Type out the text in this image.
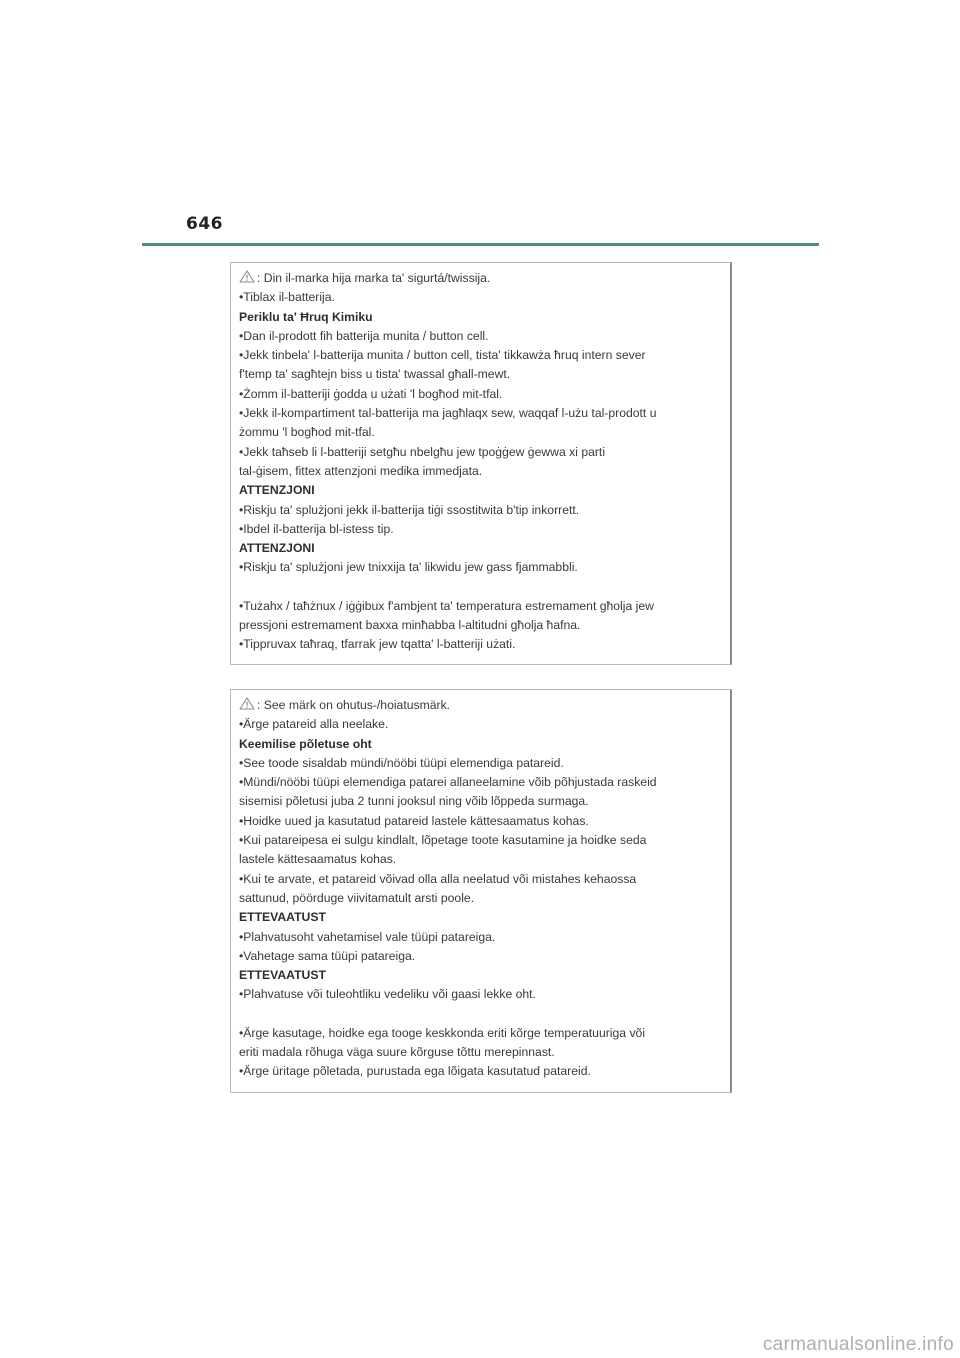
646
: Din il-marka hija marka ta' sigurtá/twissija.
•Tiblax il-batterija.
Periklu ta' Ħruq Kimiku
•Dan il-prodott fih batterija munita / button cell.
•Jekk tinbela' l-batterija munita / button cell, tista' tikkawża ħruq intern sever
f'temp ta' sagħtejn biss u tista' twassal għall-mewt.
•Żomm il-batteriji ġodda u użati 'l bogħod mit-tfal.
•Jekk il-kompartiment tal-batterija ma jagħlaqx sew, waqqaf l-użu tal-prodott u
żommu 'l bogħod mit-tfal.
•Jekk taħseb li l-batteriji setgħu nbelgħu jew tpoġġew ġewwa xi parti
tal-ġisem, fittex attenzjoni medika immedjata.
ATTENZJONI
•Riskju ta' splużjoni jekk il-batterija tiġi ssostitwita b'tip inkorrett.
•Ibdel il-batterija bl-istess tip.
ATTENZJONI
•Riskju ta' splużjoni jew tnixxija ta' likwidu jew gass fjammabbli.
•Tużahx / taħżnux / iġġibux f'ambjent ta' temperatura estremament għolja jew
pressjoni estremament baxxa minħabba l-altitudni għolja ħafna.
•Tippruvax taħraq, tfarrak jew tqatta' l-batteriji użati.
: See märk on ohutus-/hoiatusmärk.
•Ärge patareid alla neelake.
Keemilise põletuse oht
•See toode sisaldab mündi/nööbi tüüpi elemendiga patareid.
•Mündi/nööbi tüüpi elemendiga patarei allaneelamine võib põhjustada raskeid
sisemisi põletusi juba 2 tunni jooksul ning võib lõppeda surmaga.
•Hoidke uued ja kasutatud patareid lastele kättesaamatus kohas.
•Kui patareipesa ei sulgu kindlalt, lõpetage toote kasutamine ja hoidke seda
lastele kättesaamatus kohas.
•Kui te arvate, et patareid võivad olla alla neelatud või mistahes kehaossa
sattunud, pöörduge viivitamatult arsti poole.
ETTEVAATUST
•Plahvatusoht vahetamisel vale tüüpi patareiga.
•Vahetage sama tüüpi patareiga.
ETTEVAATUST
•Plahvatuse või tuleohtliku vedeliku või gaasi lekke oht.
•Ärge kasutage, hoidke ega tooge keskkonda eriti kõrge temperatuuriga või
eriti madala rõhuga väga suure kõrguse tõttu merepinnast.
•Ärge üritage põletada, purustada ega lõigata kasutatud patareid.
carmanualsonline.info
